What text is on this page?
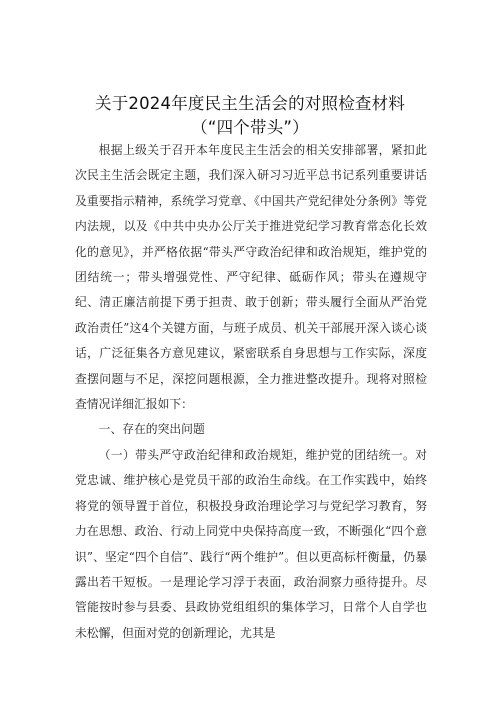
关于2024年度民主生活会的对照检查材料
（“四个带头”）

根据上级关于召开本年度民主生活会的相关安排部署，紧扣此次民主生活会既定主题，我们深入研习习近平总书记系列重要讲话及重要指示精神，系统学习党章、《中国共产党纪律处分条例》等党内法规，以及《中共中央办公厅关于推进党纪学习教育常态化长效化的意见》，并严格依据“带头严守政治纪律和政治规矩，维护党的团结统一；带头增强党性、严守纪律、砥砺作风；带头在遵规守纪、清正廉洁前提下勇于担责、敢于创新；带头履行全面从严治党政治责任”这4个关键方面，与班子成员、机关干部展开深入谈心谈话，广泛征集各方意见建议，紧密联系自身思想与工作实际，深度查摆问题与不足，深挖问题根源，全力推进整改提升。现将对照检查情况详细汇报如下：

一、存在的突出问题

（一）带头严守政治纪律和政治规矩，维护党的团结统一。对党忠诚、维护核心是党员干部的政治生命线。在工作实践中，始终将党的领导置于首位，积极投身政治理论学习与党纪学习教育，努力在思想、政治、行动上同党中央保持高度一致，不断强化“四个意识”、坚定“四个自信”、践行“两个维护”。但以更高标杆衡量，仍暴露出若干短板。一是理论学习浮于表面，政治洞察力亟待提升。尽管能按时参与县委、县政协党组组织的集体学习，日常个人自学也未松懈，但面对党的创新理论，尤其是
